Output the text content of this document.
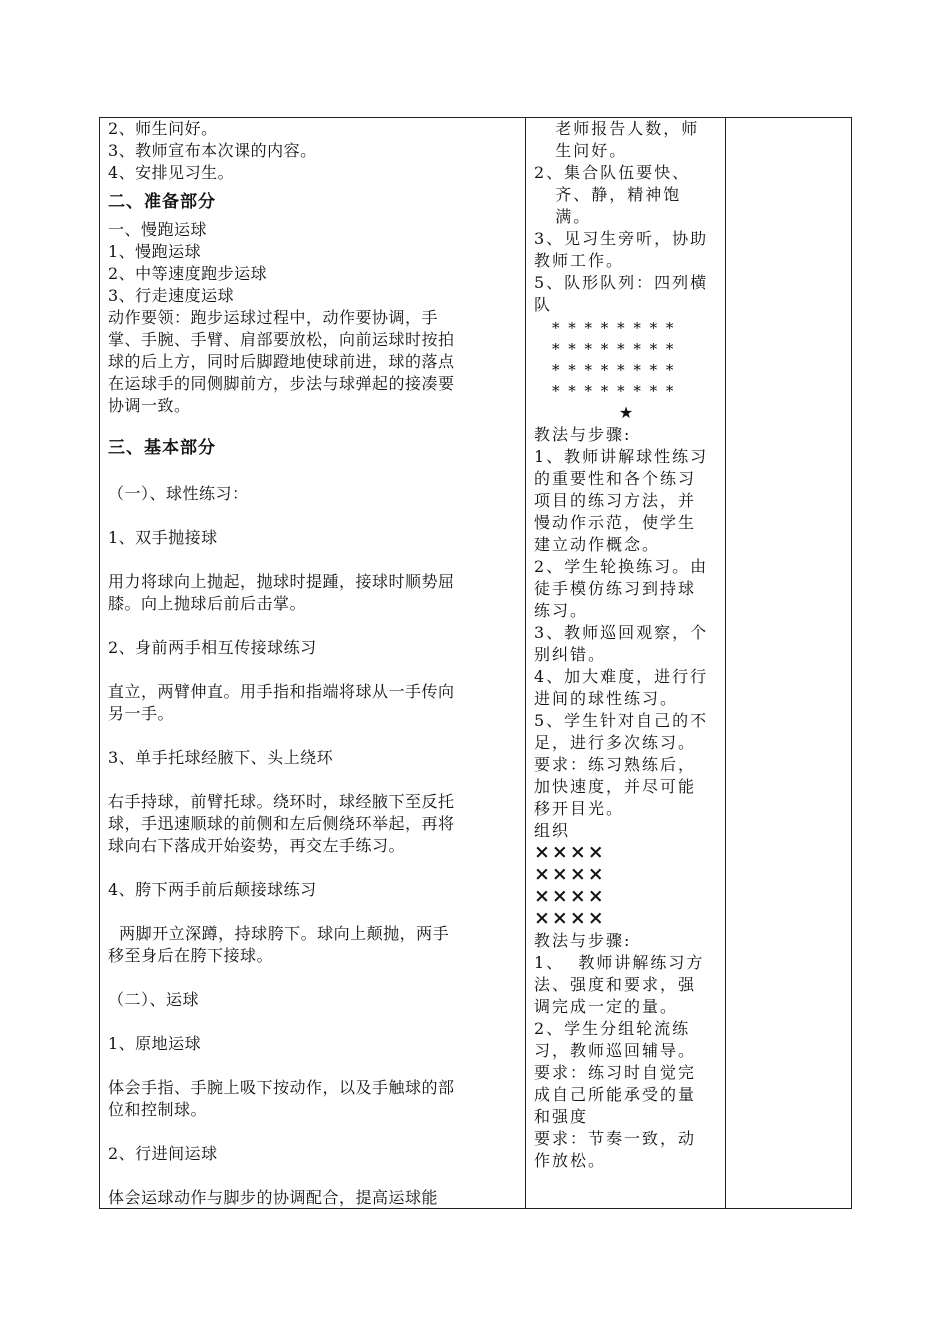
2、师生问好。
3、教师宣布本次课的内容。
4、安排见习生。
二、准备部分
一、慢跑运球
1、慢跑运球
2、中等速度跑步运球
3、行走速度运球
动作要领：跑步运球过程中，动作要协调，手
掌、手腕、手臂、肩部要放松，向前运球时按拍
球的后上方，同时后脚蹬地使球前进，球的落点
在运球手的同侧脚前方，步法与球弹起的接凑要
协调一致。
三、基本部分
（一）、球性练习：
1、双手抛接球
用力将球向上抛起，抛球时提踵，接球时顺势屈
膝。向上抛球后前后击掌。
2、身前两手相互传接球练习
直立，两臂伸直。用手指和指端将球从一手传向
另一手。
3、单手托球经腋下、头上绕环
右手持球，前臂托球。绕环时，球经腋下至反托
球，手迅速顺球的前侧和左后侧绕环举起，再将
球向右下落成开始姿势，再交左手练习。
4、胯下两手前后颠接球练习
两脚开立深蹲，持球胯下。球向上颠抛，两手
移至身后在胯下接球。
（二）、运球
1、原地运球
体会手指、手腕上吸下按动作，以及手触球的部
位和控制球。
2、行进间运球
体会运球动作与脚步的协调配合，提高运球能
老师报告人数，师
生问好。
2、集合队伍要快、
齐、静，精神饱
满。
3、见习生旁听，协助
教师工作。
5、队形队列：四列横
队
* * * * * * * *
* * * * * * * *
* * * * * * * *
* * * * * * * *
★
教法与步骤:
1、教师讲解球性练习
的重要性和各个练习
项目的练习方法，并
慢动作示范，使学生
建立动作概念。
2、学生轮换练习。由
徒手模仿练习到持球
练习。
3、教师巡回观察，个
别纠错。
4、加大难度，进行行
进间的球性练习。
5、学生针对自己的不
足，进行多次练习。
要求：练习熟练后，
加快速度，并尽可能
移开目光。
组织
××××
××××
××××
××××
教法与步骤:
1、  教师讲解练习方
法、强度和要求，强
调完成一定的量。
2、学生分组轮流练
习，教师巡回辅导。
要求：练习时自觉完
成自己所能承受的量
和强度
要求：节奏一致，动
作放松。
